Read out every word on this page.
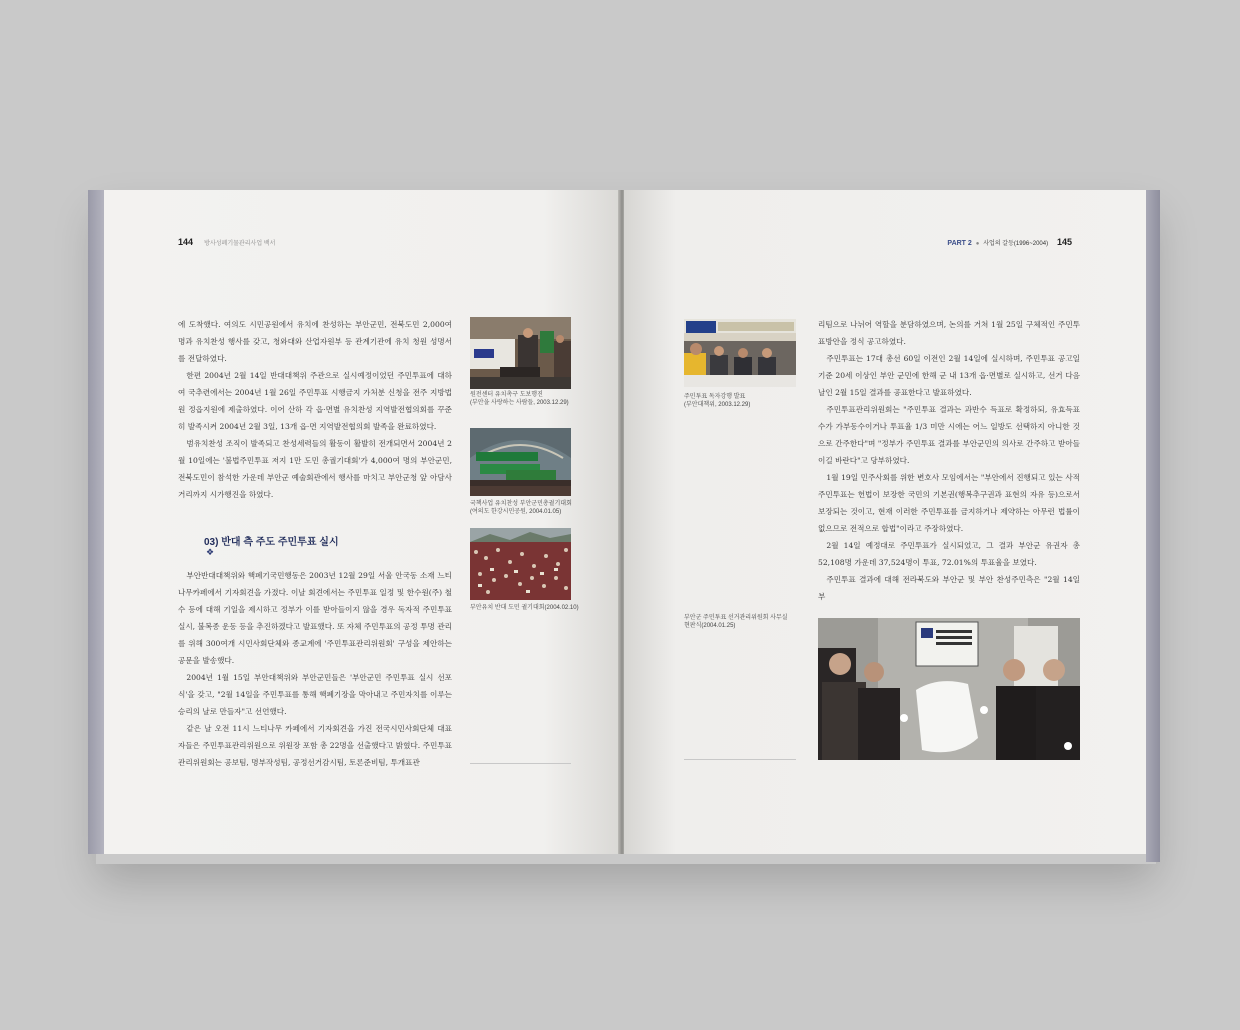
144 방사성폐기물관리사업 백서

에 도착했다. 여의도 시민공원에서 유치에 찬성하는 부안군민, 전북도민 2,000여 명과 유치찬성 행사를 갖고, 청와대와 산업자원부 등 관계기관에 유치 청원 성명서를 전달하였다.

한편 2004년 2월 14일 반대대책위 주관으로 실시예정이었던 주민투표에 대하여 국추련에서는 2004년 1월 26일 주민투표 시행금지 가처분 신청을 전주 지방법원 정읍지원에 제출하였다. 이어 산하 각 읍·면별 유치찬성 지역발전협의회를 꾸준히 발족시켜 2004년 2월 3일, 13개 읍·면 지역발전협의회 발족을 완료하였다.

범유치찬성 조직이 발족되고 찬성세력들의 활동이 활발히 전개되면서 2004년 2월 10일에는 '불법주민투표 저지 1만 도민 총궐기대회'가 4,000여 명의 부안군민, 전북도민이 참석한 가운데 부안군 예술회관에서 행사를 마치고 부안군청 앞 아담사거리까지 시가행진을 하였다.

03) 반대 측 주도 주민투표 실시
❖

부안반대대책위와 핵폐기국민행동은 2003년 12월 29일 서울 안국동 소재 느티나무카페에서 기자회견을 가졌다. 이날 회견에서는 주민투표 일정 및 한수원(주) 철수 등에 대해 기일을 제시하고 정부가 이를 받아들이지 않을 경우 독자적 주민투표 실시, 불복종 운동 등을 추진하겠다고 발표했다. 또 자체 주민투표의 공정 투명 관리를 위해 300여개 시민사회단체와 종교계에 '주민투표관리위원회' 구성을 제안하는 공문을 발송했다.

2004년 1월 15일 부안대책위와 부안군민들은 '부안군민 주민투표 실시 선포식'을 갖고, "2월 14일을 주민투표를 통해 핵폐기장을 막아내고 주민자치를 이루는 승리의 날로 만들자"고 선언했다.

같은 날 오전 11시 느티나무 카페에서 기자회견을 가진 전국시민사회단체 대표자들은 주민투표관리위원으로 위원장 포함 총 22명을 선출했다고 밝혔다. 주민투표관리위원회는 공보팀, 명부작성팀, 공정선거감시팀, 토론준비팀, 투개표관

원전센터 유치촉구 도보행진
(부안을 사랑하는 사람들, 2003.12.29)
국책사업 유치찬성 부안군민총궐기대회
(여의도 한강시민공원, 2004.01.05)
부안유치 반대 도민 궐기대회(2004.02.10)
PART 2  ●  사업의 갈등(1996~2004) 145
주민투표 독자강행 발표
(부안대책위, 2003.12.29)

리팀으로 나뉘어 역할을 분담하였으며, 논의를 거쳐 1월 25일 구체적인 주민투표방안을 정식 공고하였다.

주민투표는 17대 총선 60일 이전인 2월 14일에 실시하며, 주민투표 공고일 기준 20세 이상인 부안 군민에 한해 군 내 13개 읍·면별로 실시하고, 선거 다음날인 2월 15일 결과를 공표한다고 발표하였다.

주민투표관리위원회는 "주민투표 결과는 과반수 득표로 확정하되, 유효득표수가 가부동수이거나 투표율 1/3 미만 시에는 어느 일방도 선택하지 아니한 것으로 간주한다"며 "정부가 주민투표 결과를 부안군민의 의사로 간주하고 받아들이길 바란다"고 당부하였다.

1월 19일 민주사회를 위한 변호사 모임에서는 "부안에서 진행되고 있는 사적 주민투표는 헌법이 보장한 국민의 기본권(행복추구권과 표현의 자유 등)으로서 보장되는 것이고, 현재 이러한 주민투표를 금지하거나 제약하는 아무런 법률이 없으므로 전적으로 합법"이라고 주장하였다.

2월 14일 예정대로 주민투표가 실시되었고, 그 결과 부안군 유권자 총 52,108명 가운데 37,524명이 투표, 72.01%의 투표율을 보였다.

주민투표 결과에 대해 전라북도와 부안군 및 부안 찬성주민측은 "2월 14일 부

부안군 주민투표 선거관리위원회 사무실
현판식(2004.01.25)
